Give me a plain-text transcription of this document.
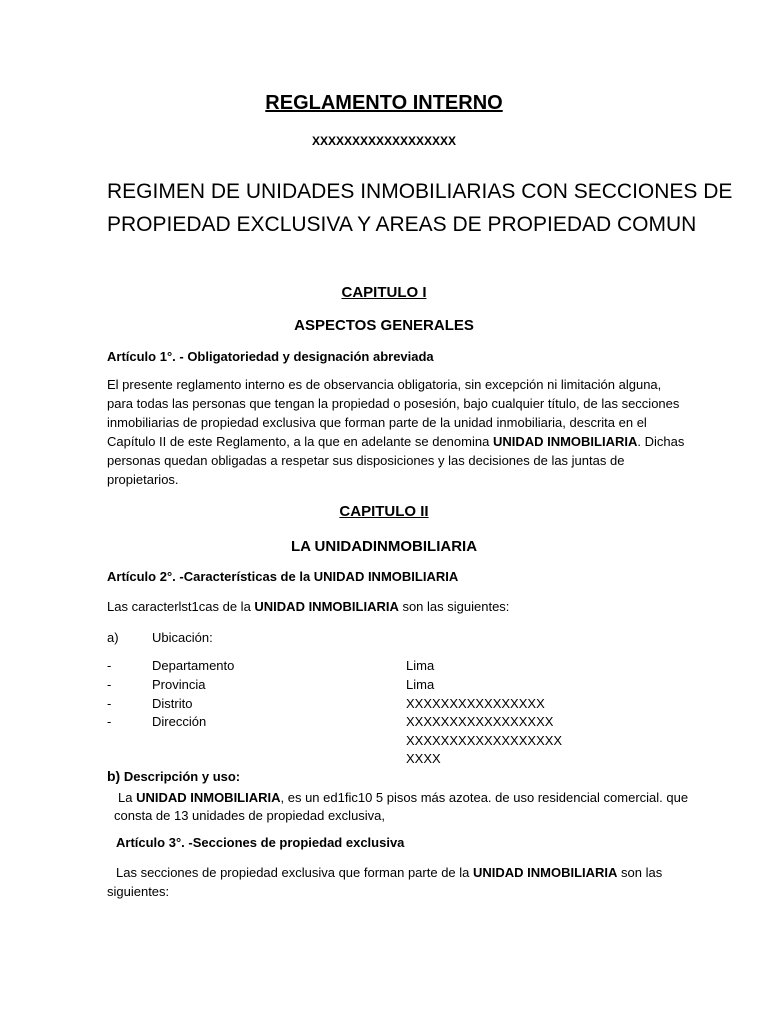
REGLAMENTO INTERNO
XXXXXXXXXXXXXXXXXX
REGIMEN DE UNIDADES INMOBILIARIAS CON SECCIONES DE
PROPIEDAD EXCLUSIVA Y AREAS DE PROPIEDAD COMUN
CAPITULO I
ASPECTOS GENERALES
Artículo 1°. - Obligatoriedad y designación abreviada
El presente reglamento interno es de observancia obligatoria, sin excepción ni limitación alguna,
para todas las personas que tengan la propiedad o posesión, bajo cualquier título, de las secciones
inmobiliarias de propiedad exclusiva que forman parte de la unidad inmobiliaria, descrita en el
Capítulo II de este Reglamento, a la que en adelante se denomina UNIDAD INMOBILIARIA. Dichas
personas quedan obligadas a respetar sus disposiciones y las decisiones de las juntas de
propietarios.
CAPITULO II
LA UNIDADINMOBILIARIA
Artículo 2°. -Características de la UNIDAD INMOBILIARIA
Las caracterlst1cas de la UNIDAD INMOBILIARIA son las siguientes:
a)	Ubicación:
-	Departamento	Lima
-	Provincia	Lima
-	Distrito	XXXXXXXXXXXXXXXX
-	Dirección	XXXXXXXXXXXXXXXXX
XXXXXXXXXXXXXXXXXX
XXXX
b) Descripción y uso:
La UNIDAD INMOBILIARIA, es un ed1fic10 5 pisos más azotea. de uso residencial comercial. que
consta de 13 unidades de propiedad exclusiva,
Artículo 3°. -Secciones de propiedad exclusiva
Las secciones de propiedad exclusiva que forman parte de la UNIDAD INMOBILIARIA son las
siguientes:
